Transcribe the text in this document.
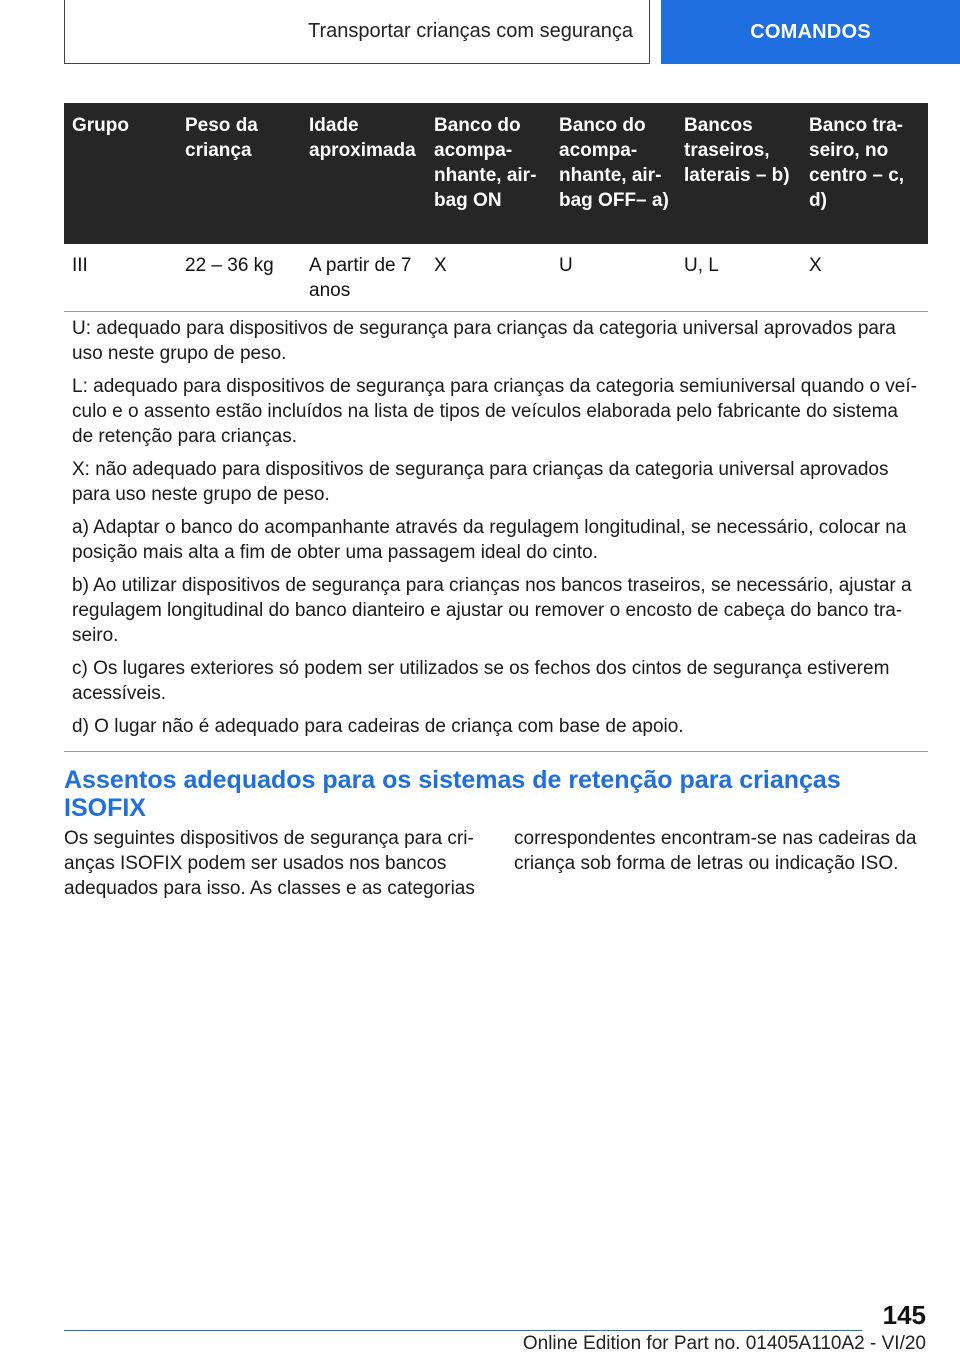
Transportar crianças com segurança	COMANDOS
Grupo	Peso da criança	Idade aproximada	Banco do acompanhante, airbag ON	Banco do acompanhante, airbag OFF– a)	Bancos traseiros, laterais – b)	Banco traseiro, no centro – c, d)
III	22 – 36 kg	A partir de 7 anos	X	U	U, L	X

U: adequado para dispositivos de segurança para crianças da categoria universal aprovados para uso neste grupo de peso.

L: adequado para dispositivos de segurança para crianças da categoria semiuniversal quando o veículo e o assento estão incluídos na lista de tipos de veículos elaborada pelo fabricante do sistema de retenção para crianças.

X: não adequado para dispositivos de segurança para crianças da categoria universal aprovados para uso neste grupo de peso.

a) Adaptar o banco do acompanhante através da regulagem longitudinal, se necessário, colocar na posição mais alta a fim de obter uma passagem ideal do cinto.

b) Ao utilizar dispositivos de segurança para crianças nos bancos traseiros, se necessário, ajustar a regulagem longitudinal do banco dianteiro e ajustar ou remover o encosto de cabeça do banco traseiro.

c) Os lugares exteriores só podem ser utilizados se os fechos dos cintos de segurança estiverem acessíveis.

d) O lugar não é adequado para cadeiras de criança com base de apoio.

Assentos adequados para os sistemas de retenção para crianças ISOFIX
Os seguintes dispositivos de segurança para crianças ISOFIX podem ser usados nos bancos adequados para isso. As classes e as categorias
correspondentes encontram-se nas cadeiras da criança sob forma de letras ou indicação ISO.
145
Online Edition for Part no. 01405A110A2 - VI/20
